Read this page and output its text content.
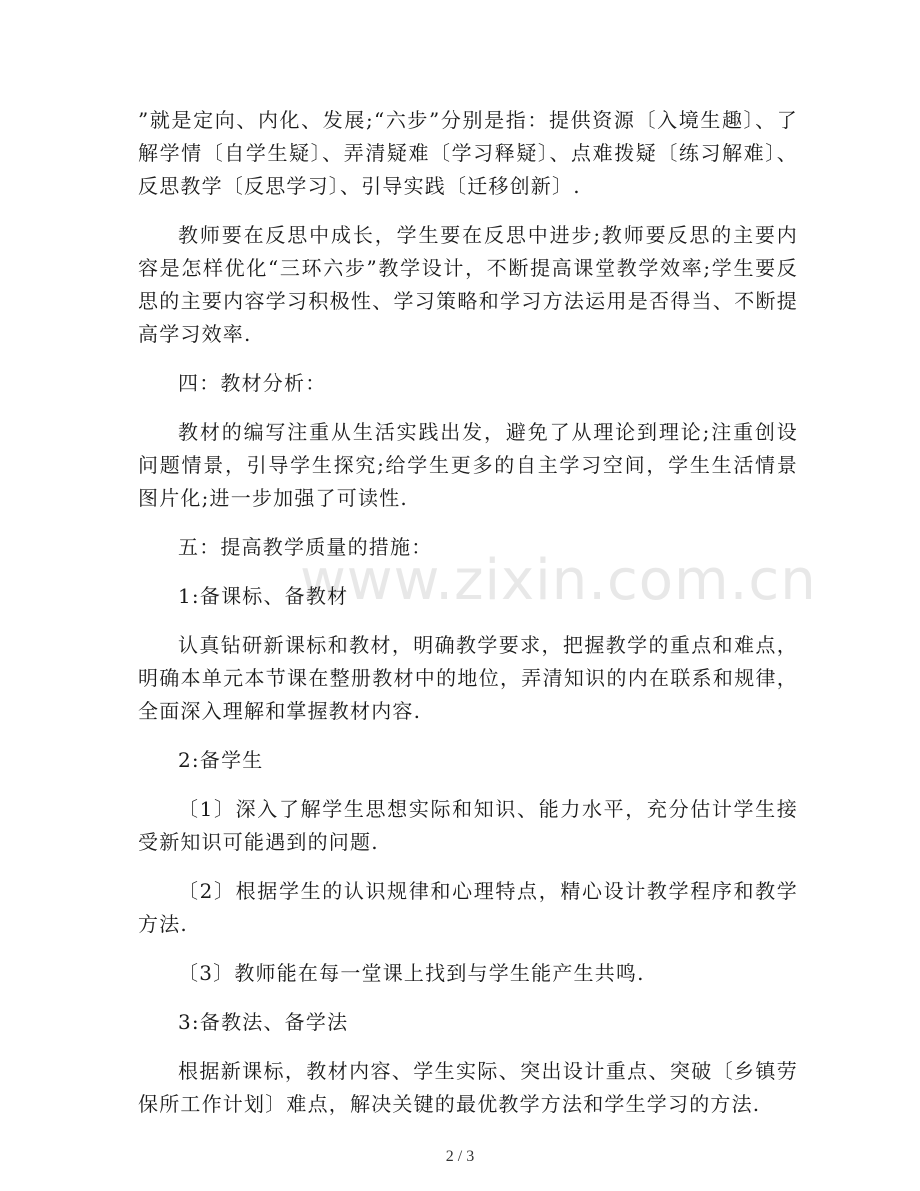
www.zixin.com.cn

”就是定向、内化、发展;“六步”分别是指：提供资源〔入境生趣〕、了解学情〔自学生疑〕、弄清疑难〔学习释疑〕、点难拨疑〔练习解难〕、反思教学〔反思学习〕、引导实践〔迁移创新〕.

教师要在反思中成长，学生要在反思中进步;教师要反思的主要内容是怎样优化“三环六步”教学设计，不断提高课堂教学效率;学生要反思的主要内容学习积极性、学习策略和学习方法运用是否得当、不断提高学习效率.

四：教材分析：

教材的编写注重从生活实践出发，避免了从理论到理论;注重创设问题情景，引导学生探究;给学生更多的自主学习空间，学生生活情景图片化;进一步加强了可读性.

五：提高教学质量的措施：

1:备课标、备教材

认真钻研新课标和教材，明确教学要求，把握教学的重点和难点，明确本单元本节课在整册教材中的地位，弄清知识的内在联系和规律，全面深入理解和掌握教材内容.

2:备学生

〔1〕深入了解学生思想实际和知识、能力水平，充分估计学生接受新知识可能遇到的问题.

〔2〕根据学生的认识规律和心理特点，精心设计教学程序和教学方法.

〔3〕教师能在每一堂课上找到与学生能产生共鸣.

3:备教法、备学法

根据新课标，教材内容、学生实际、突出设计重点、突破〔乡镇劳保所工作计划〕难点，解决关键的最优教学方法和学生学习的方法.

2 / 3
